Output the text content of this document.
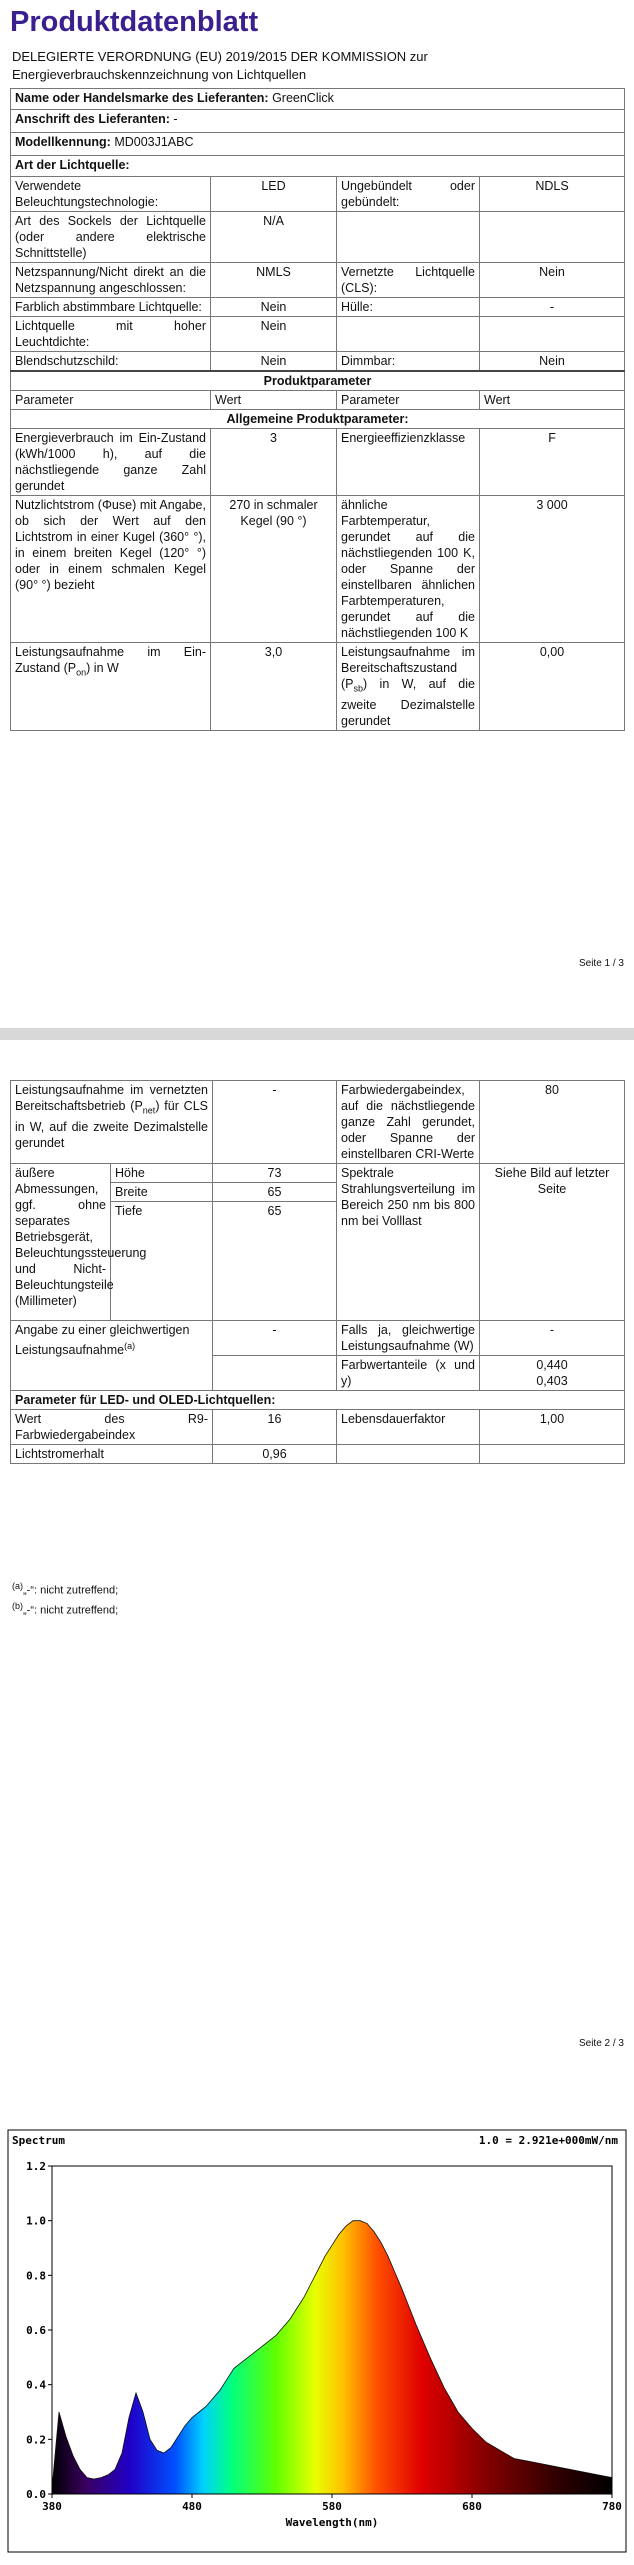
Produktdatenblatt
DELEGIERTE VERORDNUNG (EU) 2019/2015 DER KOMMISSION zur Energieverbrauchskennzeichnung von Lichtquellen
Name oder Handelsmarke des Lieferanten: GreenClick			
Anschrift des Lieferanten: -			
Modellkennung: MD003J1ABC			
Art der Lichtquelle:			
Verwendete Beleuchtungstechnologie:	LED	Ungebündelt oder gebündelt:	NDLS
Art des Sockels der Lichtquelle (oder andere elektrische Schnittstelle)	N/A		
Netzspannung/Nicht direkt an die Netzspannung angeschlossen:	NMLS	Vernetzte Lichtquelle (CLS):	Nein
Farblich abstimmbare Lichtquelle:	Nein	Hülle:	-
Lichtquelle mit hoher Leuchtdichte:	Nein		
Blendschutzschild:	Nein	Dimmbar:	Nein
Produktparameter			
Parameter	Wert	Parameter	Wert
Allgemeine Produktparameter:			
Energieverbrauch im Ein-Zustand (kWh/1000 h), auf die nächstliegende ganze Zahl gerundet	3	Energieeffizienzklasse	F
Nutzlichtstrom (Φuse) mit Angabe, ob sich der Wert auf den Lichtstrom in einer Kugel (360° °), in einem breiten Kegel (120° °) oder in einem schmalen Kegel (90° °) bezieht	270 in schmaler Kegel (90 °)	ähnliche Farbtemperatur, gerundet auf die nächstliegenden 100 K, oder Spanne der einstellbaren ähnlichen Farbtemperaturen, gerundet auf die nächstliegenden 100 K	3 000
Leistungsaufnahme im Ein-Zustand $(P_{on})$ in W	3,0	Leistungsaufnahme im Bereitschaftszustand $(P_{sb})$ in W, auf die zweite Dezimalstelle gerundet	0,00
Seite 1 / 3
Leistungsaufnahme im vernetzten Bereitschaftsbetrieb $(P_{net})$ für CLS in W, auf die zweite Dezimalstelle gerundet		-	Farbwiedergabeindex, auf die nächstliegende ganze Zahl gerundet, oder Spanne der einstellbaren CRI-Werte	80
äußere Abmessungen, ggf. ohne separates Betriebsgerät, Beleuchtungssteuerung und Nicht-Beleuchtungsteile (Millimeter)	Höhe	73	Spektrale Strahlungsverteilung im Bereich 250 nm bis 800 nm bei Volllast	Siehe Bild auf letzter Seite
	Breite	65		
	Tiefe	65		
Angabe zu einer gleichwertigen Leistungsaufnahme$^{(a)}$		-	Falls ja, gleichwertige Leistungsaufnahme (W)	-
			Farbwertanteile (x und y)	0,440
0,403

Parameter für LED- und OLED-Lichtquellen:				
Wert des R9-Farbwiedergabeindex		16	Lebensdauerfaktor	1,00
Lichtstromerhalt		0,96		
$^{(a)}$„-“: nicht zutreffend;
$^{(b)}$„-“: nicht zutreffend;
Seite 2 / 3
Spectrum	1.0 = 2.921e+000mW/nm
0.0
0.2
0.4
0.6
0.8
1.0
1.2
380	480	580	680	780
Wavelength(nm)
